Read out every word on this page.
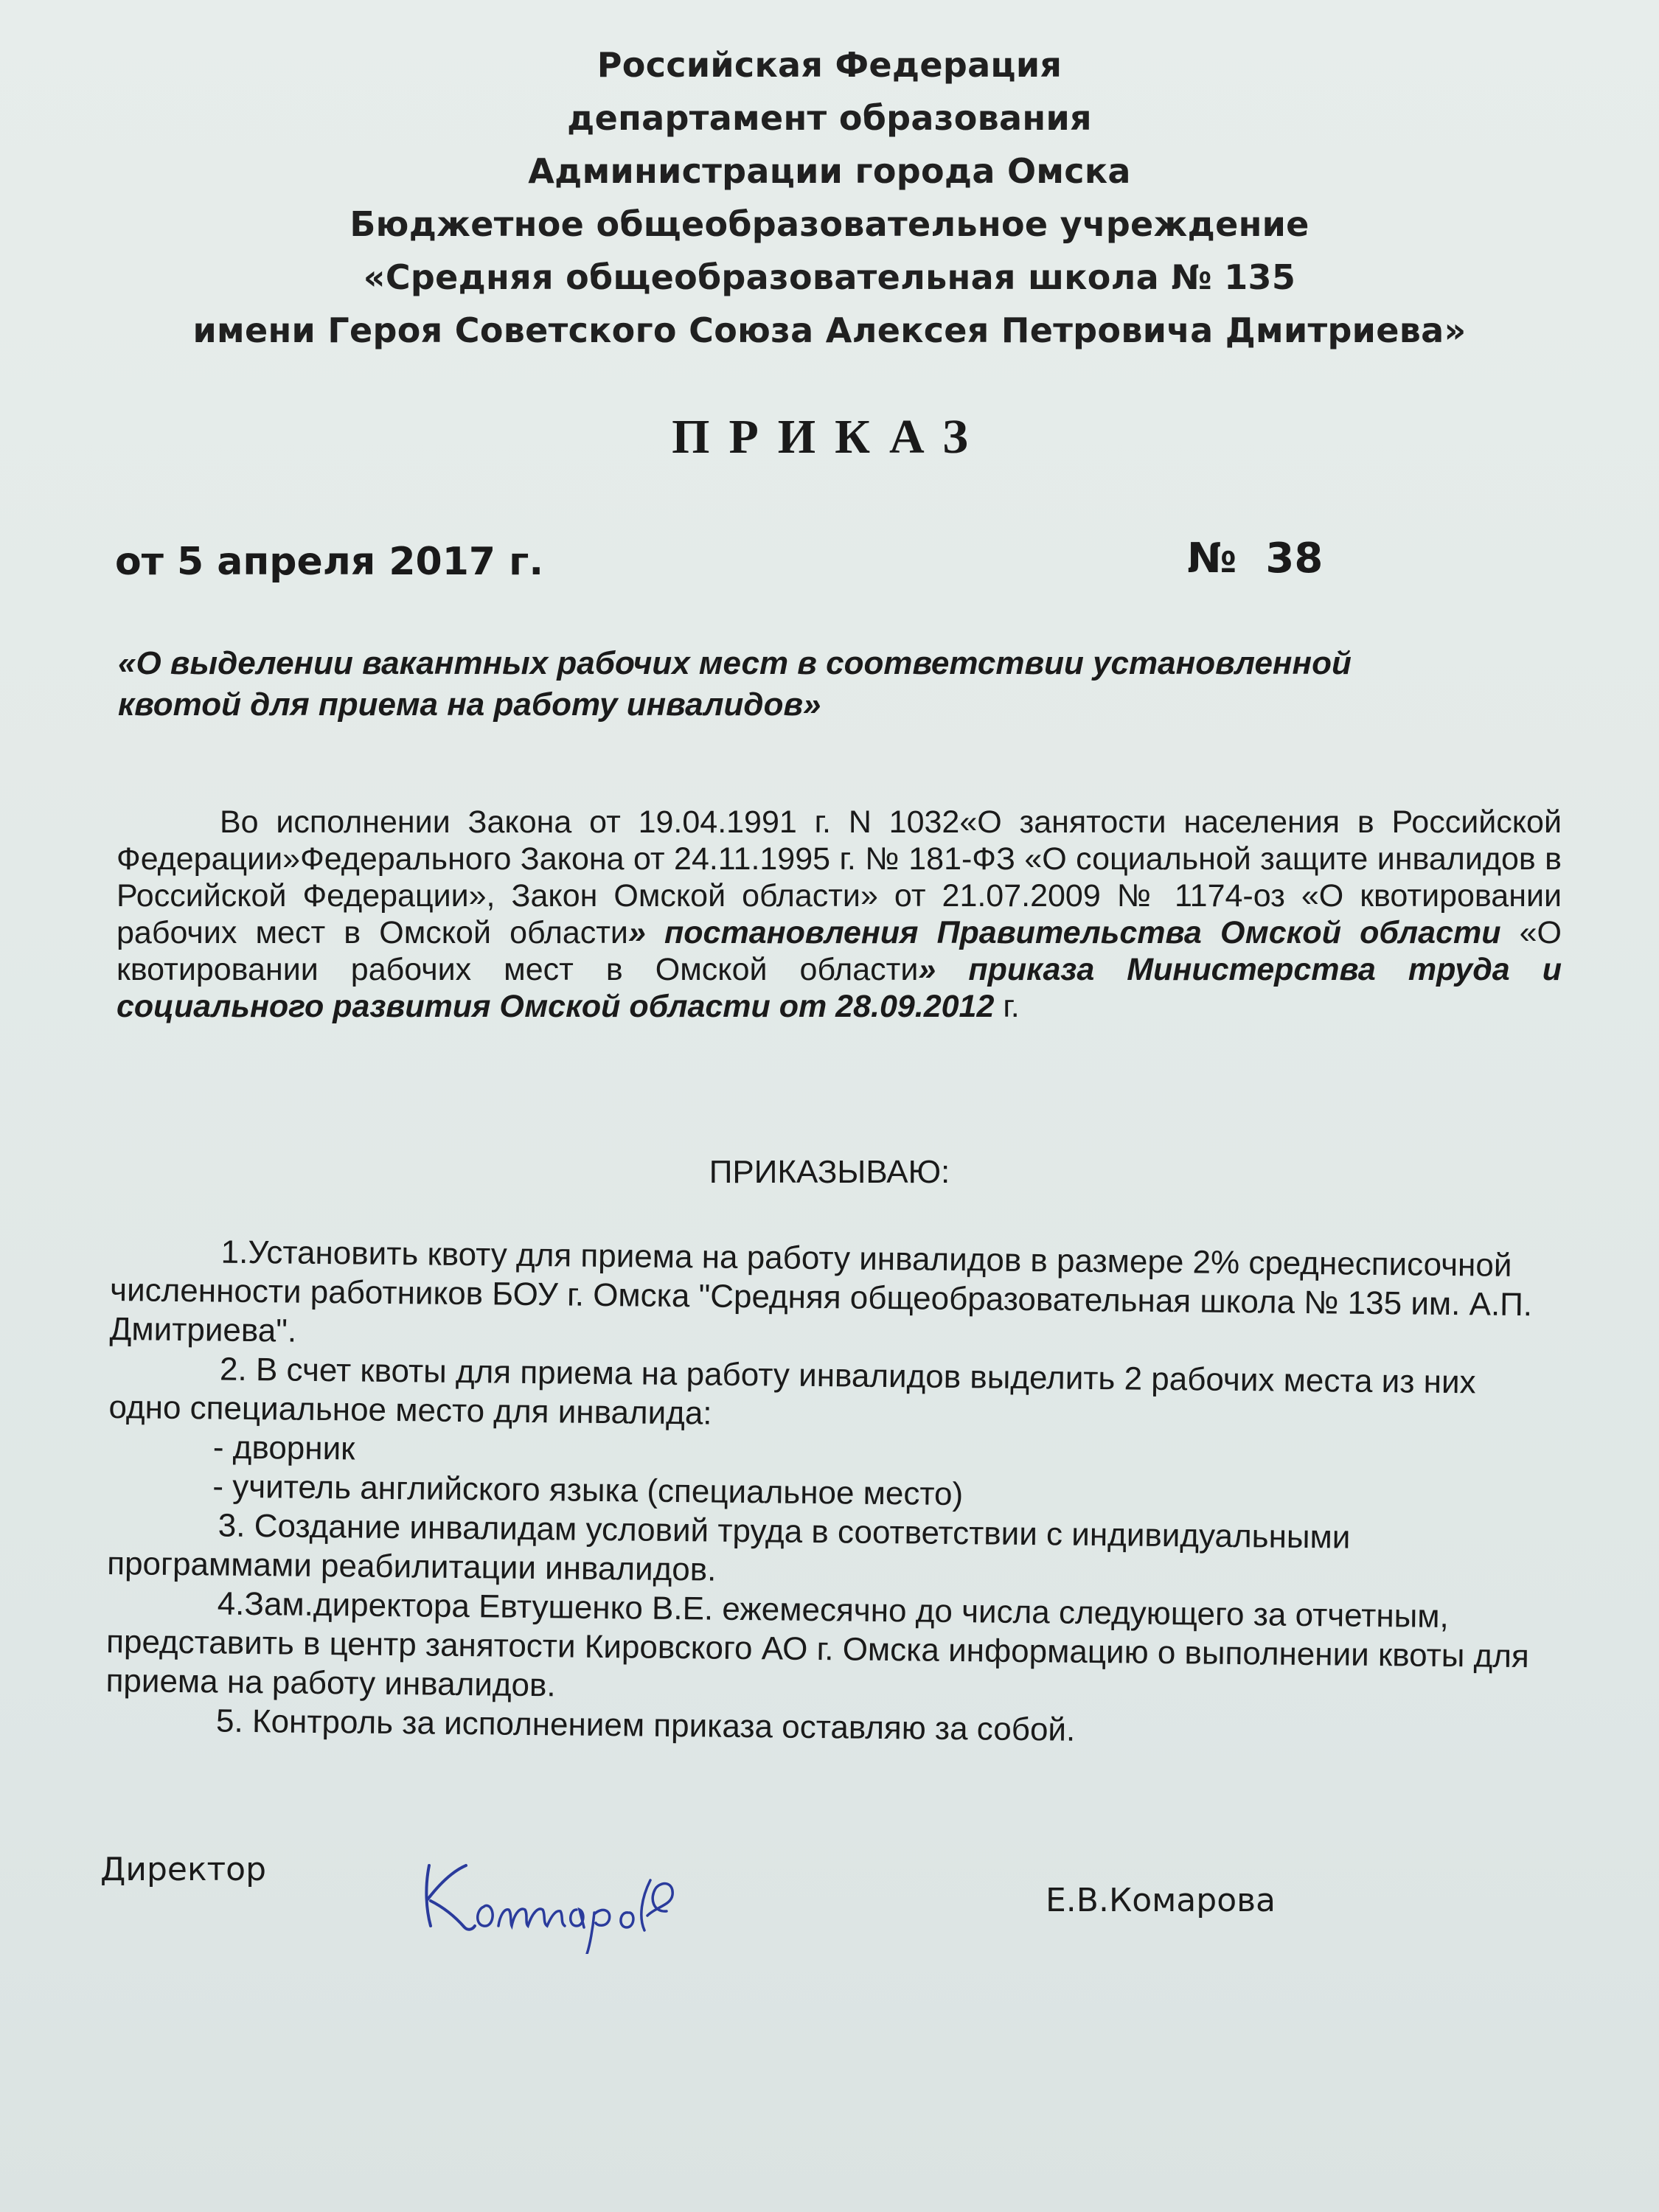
Российская Федерация
департамент образования
Администрации города Омска
Бюджетное общеобразовательное учреждение
«Средняя общеобразовательная школа № 135
имени Героя Советского Союза Алексея Петровича Дмитриева»
ПРИКАЗ
от 5 апреля 2017 г.	№  38
«О выделении вакантных рабочих мест в соответствии установленной
квотой для приема на работу инвалидов»
Во исполнении Закона от 19.04.1991 г. N 1032«О занятости населения в Российской Федерации»Федерального Закона от 24.11.1995 г. № 181-ФЗ «О социальной защите инвалидов в Российской Федерации», Закон Омской области» от 21.07.2009 № 1174-оз «О квотировании рабочих мест в Омской области» постановления Правительства Омской области «О квотировании рабочих мест в Омской области» приказа Министерства труда и социального развития Омской области от 28.09.2012 г.
ПРИКАЗЫВАЮ:
1.Установить квоту для приема на работу инвалидов в размере 2% среднесписочной численности работников БОУ г. Омска "Средняя общеобразовательная школа № 135 им. А.П. Дмитриева".
2. В счет квоты для приема на работу инвалидов выделить 2 рабочих места из них одно специальное место для инвалида:
- дворник
- учитель английского языка (специальное место)
3. Создание инвалидам условий труда в соответствии с индивидуальными программами реабилитации инвалидов.
4.Зам.директора Евтушенко В.Е. ежемесячно до числа следующего за отчетным, представить в центр занятости Кировского АО г. Омска информацию о выполнении квоты для приема на работу инвалидов.
5. Контроль за исполнением приказа оставляю за собой.
Директор
Е.В.Комарова
